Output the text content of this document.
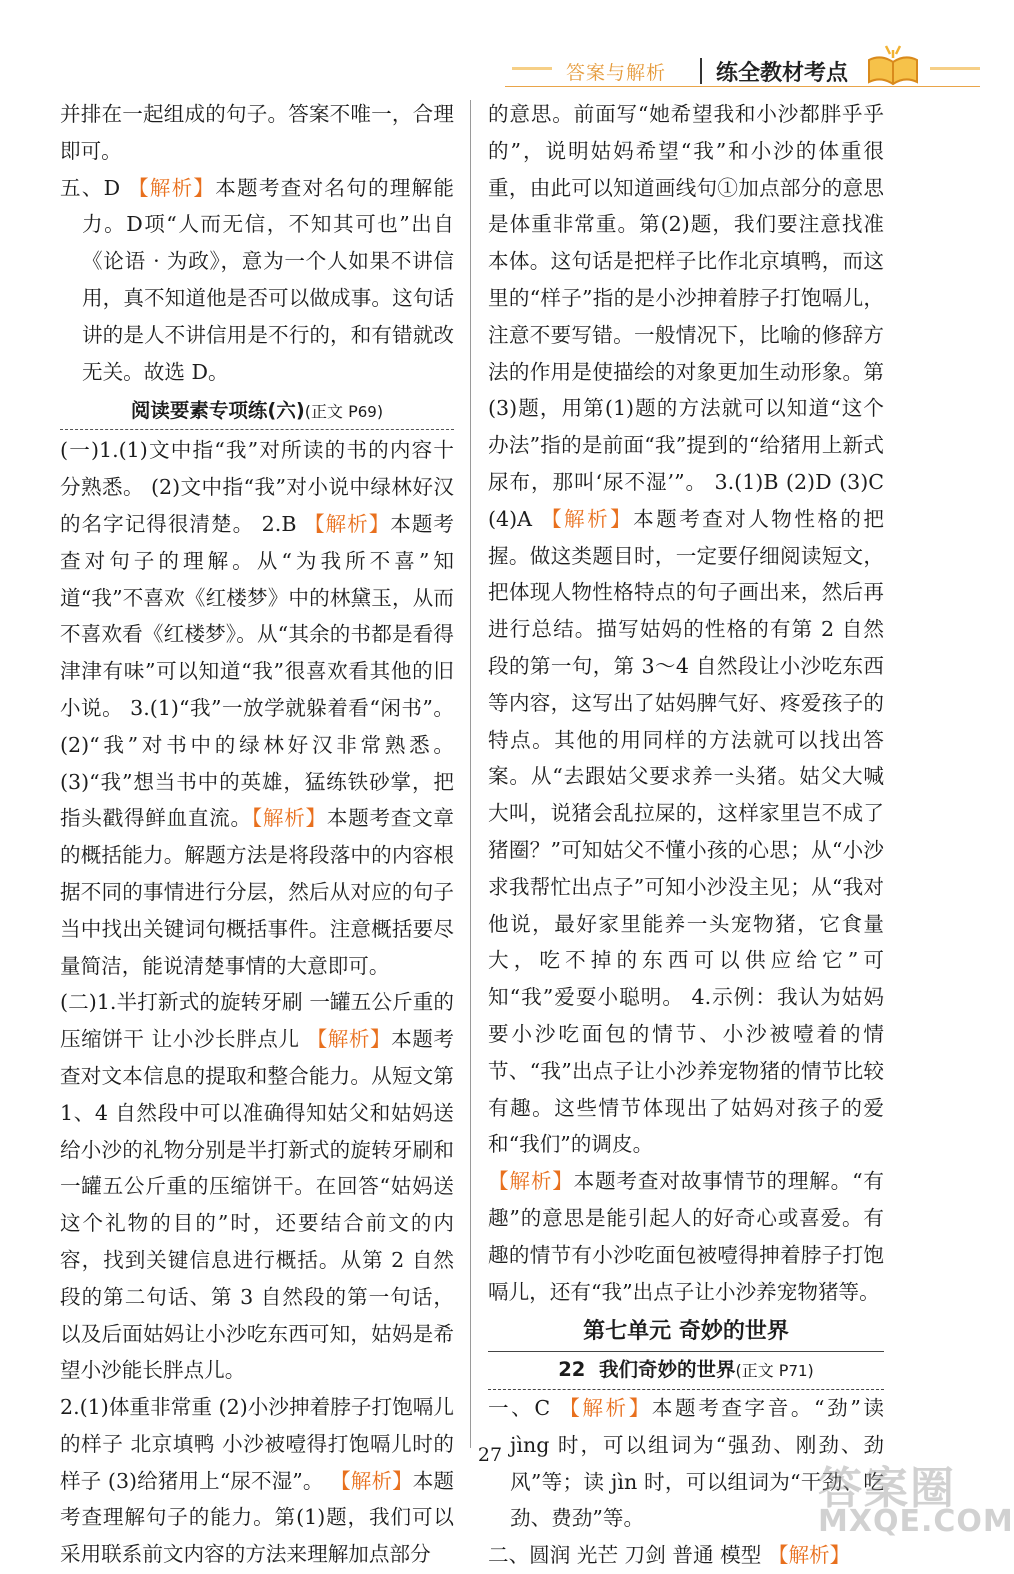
答案与解析 练全教材考点

并排在一起组成的句子。答案不唯一，合理即可。

五、D 【解析】本题考查对名句的理解能力。D项“人而无信，不知其可也”出自《论语 · 为政》，意为一个人如果不讲信用，真不知道他是否可以做成事。这句话讲的是人不讲信用是不行的，和有错就改无关。故选 D。

阅读要素专项练(六)(正文 P69)

(一)1.(1)文中指“我”对所读的书的内容十分熟悉。 (2)文中指“我”对小说中绿林好汉的名字记得很清楚。 2.B 【解析】本题考查对句子的理解。从“为我所不喜”知道“我”不喜欢《红楼梦》中的林黛玉，从而不喜欢看《红楼梦》。从“其余的书都是看得津津有味”可以知道“我”很喜欢看其他的旧小说。 3.(1)“我”一放学就躲着看“闲书”。 (2)“我”对书中的绿林好汉非常熟悉。 (3)“我”想当书中的英雄，猛练铁砂掌，把指头戳得鲜血直流。【解析】本题考查文章的概括能力。解题方法是将段落中的内容根据不同的事情进行分层，然后从对应的句子当中找出关键词句概括事件。注意概括要尽量简洁，能说清楚事情的大意即可。

(二)1.半打新式的旋转牙刷 一罐五公斤重的压缩饼干 让小沙长胖点儿 【解析】本题考查对文本信息的提取和整合能力。从短文第 1、4 自然段中可以准确得知姑父和姑妈送给小沙的礼物分别是半打新式的旋转牙刷和一罐五公斤重的压缩饼干。在回答“姑妈送这个礼物的目的”时，还要结合前文的内容，找到关键信息进行概括。从第 2 自然段的第二句话、第 3 自然段的第一句话，以及后面姑妈让小沙吃东西可知，姑妈是希望小沙能长胖点儿。

2.(1)体重非常重 (2)小沙抻着脖子打饱嗝儿的样子 北京填鸭 小沙被噎得打饱嗝儿时的样子 (3)给猪用上“尿不湿”。 【解析】本题考查理解句子的能力。第(1)题，我们可以采用联系前文内容的方法来理解加点部分

的意思。前面写“她希望我和小沙都胖乎乎的”，说明姑妈希望“我”和小沙的体重很重，由此可以知道画线句①加点部分的意思是体重非常重。第(2)题，我们要注意找准本体。这句话是把样子比作北京填鸭，而这里的“样子”指的是小沙抻着脖子打饱嗝儿，注意不要写错。一般情况下，比喻的修辞方法的作用是使描绘的对象更加生动形象。第(3)题，用第(1)题的方法就可以知道“这个办法”指的是前面“我”提到的“给猪用上新式尿布，那叫‘尿不湿’”。 3.(1)B (2)D (3)C (4)A 【解析】本题考查对人物性格的把握。做这类题目时，一定要仔细阅读短文，把体现人物性格特点的句子画出来，然后再进行总结。描写姑妈的性格的有第 2 自然段的第一句，第 3～4 自然段让小沙吃东西等内容，这写出了姑妈脾气好、疼爱孩子的特点。其他的用同样的方法就可以找出答案。从“去跟姑父要求养一头猪。姑父大喊大叫，说猪会乱拉屎的，这样家里岂不成了猪圈？”可知姑父不懂小孩的心思；从“小沙求我帮忙出点子”可知小沙没主见；从“我对他说，最好家里能养一头宠物猪，它食量大，吃不掉的东西可以供应给它”可知“我”爱耍小聪明。 4.示例：我认为姑妈要小沙吃面包的情节、小沙被噎着的情节、“我”出点子让小沙养宠物猪的情节比较有趣。这些情节体现出了姑妈对孩子的爱和“我们”的调皮。

【解析】本题考查对故事情节的理解。“有趣”的意思是能引起人的好奇心或喜爱。有趣的情节有小沙吃面包被噎得抻着脖子打饱嗝儿，还有“我”出点子让小沙养宠物猪等。

第七单元 奇妙的世界
22 我们奇妙的世界(正文 P71)

一、C 【解析】本题考查字音。“劲”读 jìng 时，可以组词为“强劲、刚劲、劲风”等；读 jìn 时，可以组词为“干劲、吃劲、费劲”等。

二、圆润 光芒 刀剑 普通 模型 【解析】

27
答案圈
MXQE.COM
